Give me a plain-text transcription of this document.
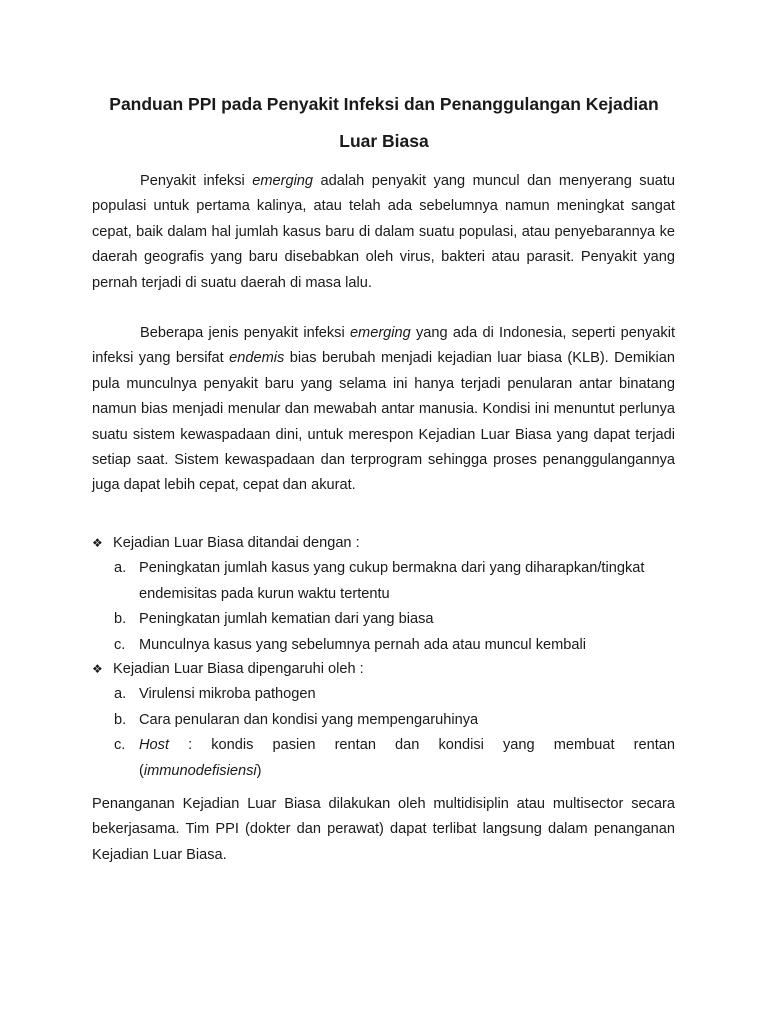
Panduan PPI pada Penyakit Infeksi dan Penanggulangan Kejadian Luar Biasa

Penyakit infeksi emerging adalah penyakit yang muncul dan menyerang suatu populasi untuk pertama kalinya, atau telah ada sebelumnya namun meningkat sangat cepat, baik dalam hal jumlah kasus baru di dalam suatu populasi, atau penyebarannya ke daerah geografis yang baru disebabkan oleh virus, bakteri atau parasit. Penyakit yang pernah terjadi di suatu daerah di masa lalu.

Beberapa jenis penyakit infeksi emerging yang ada di Indonesia, seperti penyakit infeksi yang bersifat endemis bias berubah menjadi kejadian luar biasa (KLB). Demikian pula munculnya penyakit baru yang selama ini hanya terjadi penularan antar binatang namun bias menjadi menular dan mewabah antar manusia. Kondisi ini menuntut perlunya suatu sistem kewaspadaan dini, untuk merespon Kejadian Luar Biasa yang dapat terjadi setiap saat. Sistem kewaspadaan dan terprogram sehingga proses penanggulangannya juga dapat lebih cepat, cepat dan akurat.

❖ Kejadian Luar Biasa ditandai dengan :
a. Peningkatan jumlah kasus yang cukup bermakna dari yang diharapkan/tingkat endemisitas pada kurun waktu tertentu
b. Peningkatan jumlah kematian dari yang biasa
c. Munculnya kasus yang sebelumnya pernah ada atau muncul kembali
❖ Kejadian Luar Biasa dipengaruhi oleh :
a. Virulensi mikroba pathogen
b. Cara penularan dan kondisi yang mempengaruhinya
c. Host : kondis pasien rentan dan kondisi yang membuat rentan
(immunodefisiensi)

Penanganan Kejadian Luar Biasa dilakukan oleh multidisiplin atau multisector secara bekerjasama. Tim PPI (dokter dan perawat) dapat terlibat langsung dalam penanganan Kejadian Luar Biasa.
